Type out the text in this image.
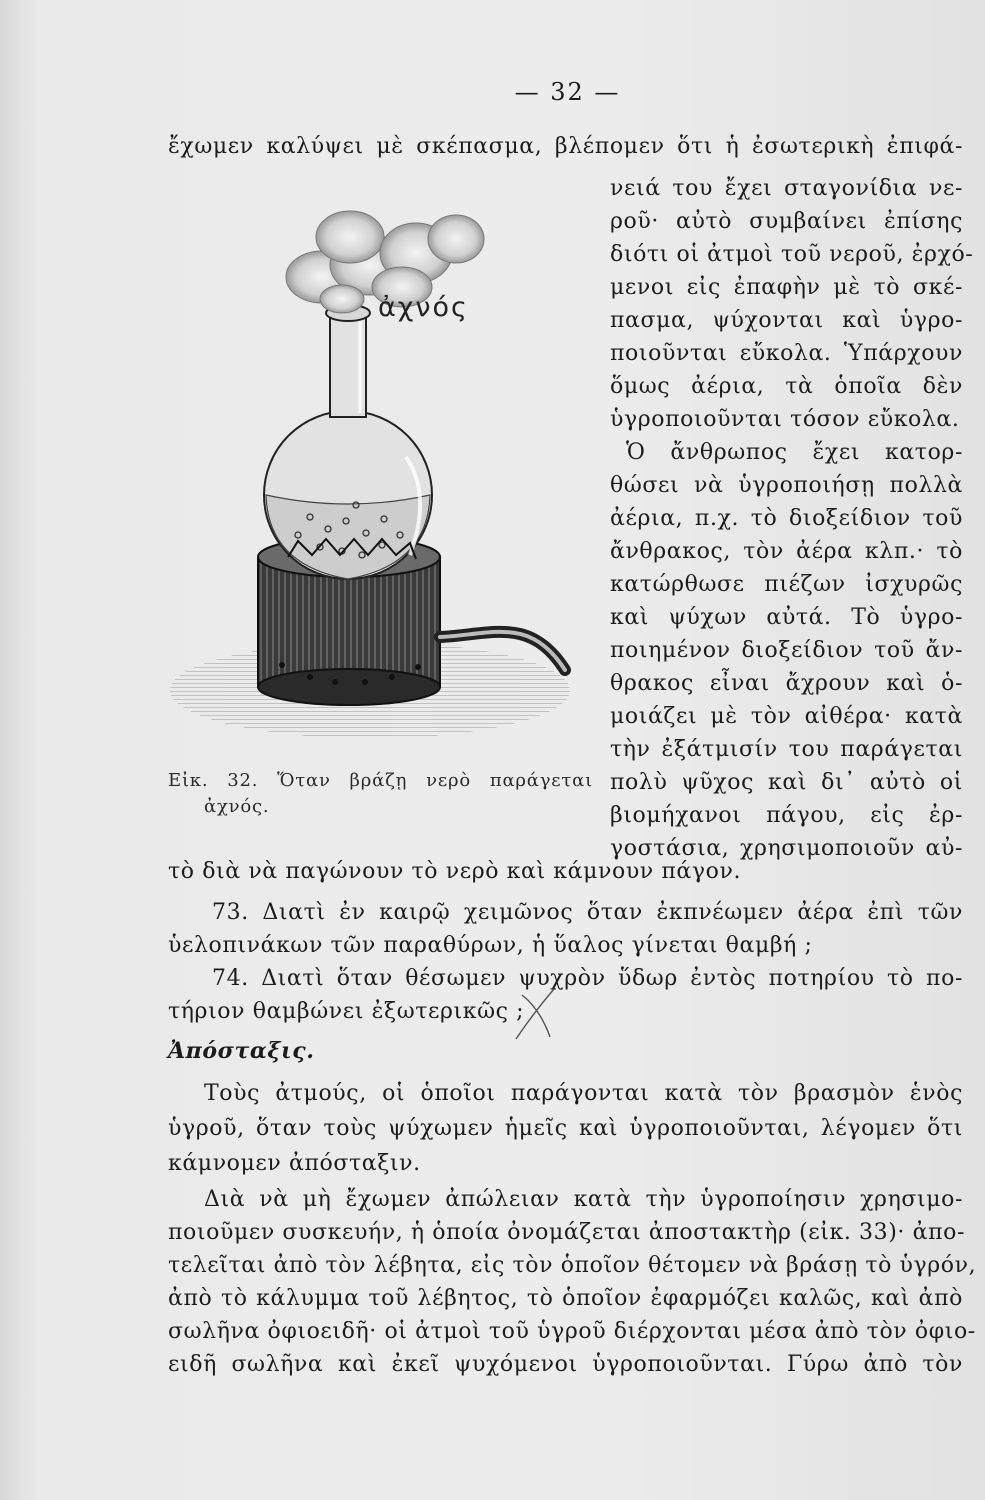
— 32 —
ἔχωμεν καλύψει μὲ σκέπασμα, βλέπομεν ὅτι ἡ ἐσωτερικὴ ἐπιφά-
νειά του ἔχει σταγονίδια νε-
ροῦ· αὐτὸ συμβαίνει ἐπίσης
διότι οἱ ἀτμοὶ τοῦ νεροῦ, ἐρχό-
μενοι εἰς ἐπαφὴν μὲ τὸ σκέ-
πασμα, ψύχονται καὶ ὑγρο-
ποιοῦνται εὔκολα. Ὑπάρχουν
ὅμως ἀέρια, τὰ ὁποῖα δὲν
ὑγροποιοῦνται τόσον εὔκολα.
Ὁ ἄνθρωπος ἔχει κατορ-
θώσει νὰ ὑγροποιήσῃ πολλὰ
ἀέρια, π.χ. τὸ διοξείδιον τοῦ
ἄνθρακος, τὸν ἀέρα κλπ.· τὸ
κατώρθωσε πιέζων ἰσχυρῶς
καὶ ψύχων αὐτά. Τὸ ὑγρο-
ποιημένον διοξείδιον τοῦ ἄν-
θρακος εἶναι ἄχρουν καὶ ὁ-
μοιάζει μὲ τὸν αἰθέρα· κατὰ
τὴν ἐξάτμισίν του παράγεται
πολὺ ψῦχος καὶ δι᾽ αὐτὸ οἱ
βιομήχανοι πάγου, εἰς ἐρ-
γοστάσια, χρησιμοποιοῦν αὐ-
ἀχνός
Εἰκ. 32. Ὅταν βράζῃ νερὸ παράγεται
ἀχνός.
τὸ διὰ νὰ παγώνουν τὸ νερὸ καὶ κάμνουν πάγον.
73. Διατὶ ἐν καιρῷ χειμῶνος ὅταν ἐκπνέωμεν ἀέρα ἐπὶ τῶν
ὑελοπινάκων τῶν παραθύρων, ἡ ὕαλος γίνεται θαμβή ;
74. Διατὶ ὅταν θέσωμεν ψυχρὸν ὕδωρ ἐντὸς ποτηρίου τὸ πο-
τήριον θαμβώνει ἐξωτερικῶς ;
Ἀπόσταξις.
Τοὺς ἀτμούς, οἱ ὁποῖοι παράγονται κατὰ τὸν βρασμὸν ἑνὸς
ὑγροῦ, ὅταν τοὺς ψύχωμεν ἡμεῖς καὶ ὑγροποιοῦνται, λέγομεν ὅτι
κάμνομεν ἀπόσταξιν.
Διὰ νὰ μὴ ἔχωμεν ἀπώλειαν κατὰ τὴν ὑγροποίησιν χρησιμο-
ποιοῦμεν συσκευήν, ἡ ὁποία ὀνομάζεται ἀποστακτὴρ (εἰκ. 33)· ἀπο-
τελεῖται ἀπὸ τὸν λέβητα, εἰς τὸν ὁποῖον θέτομεν νὰ βράσῃ τὸ ὑγρόν,
ἀπὸ τὸ κάλυμμα τοῦ λέβητος, τὸ ὁποῖον ἐφαρμόζει καλῶς, καὶ ἀπὸ
σωλῆνα ὀφιοειδῆ· οἱ ἀτμοὶ τοῦ ὑγροῦ διέρχονται μέσα ἀπὸ τὸν ὀφιο-
ειδῆ σωλῆνα καὶ ἐκεῖ ψυχόμενοι ὑγροποιοῦνται. Γύρω ἀπὸ τὸν
